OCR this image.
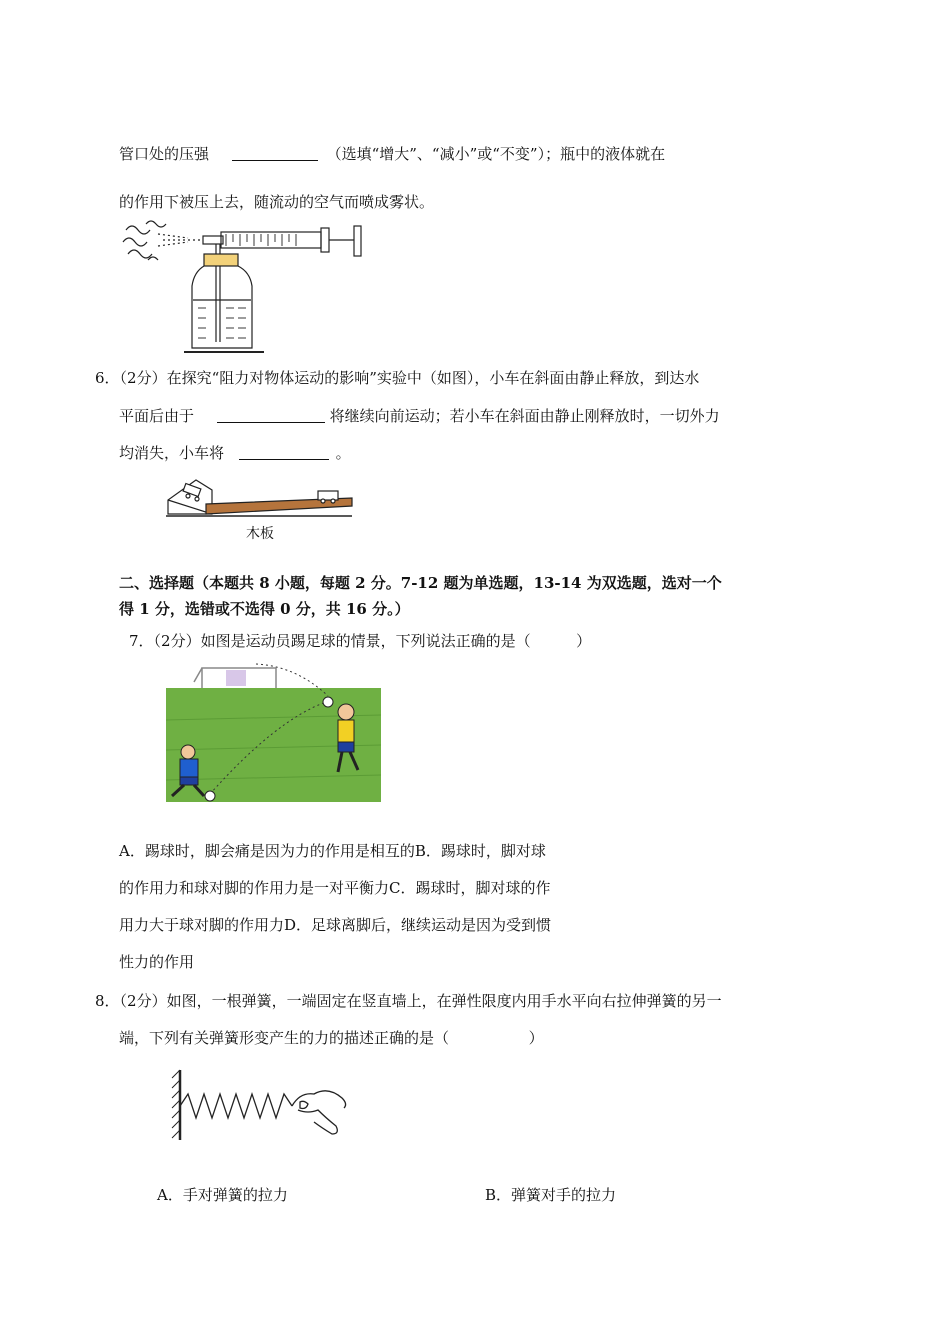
管口处的压强	（选填“增大”、“减小”或“不变”）；瓶中的液体就在
的作用下被压上去，随流动的空气而喷成雾状。
6．（2分）在探究“阻力对物体运动的影响”实验中（如图），小车在斜面由静止释放，到达水
平面后由于	将继续向前运动；若小车在斜面由静止刚释放时，一切外力
均消失，小车将	。
木板
二、选择题（本题共 8 小题，每题 2 分。7-12 题为单选题，13-14 为双选题，选对一个
得 1 分，选错或不选得 0 分，共 16 分。）
7．（2分）如图是运动员踢足球的情景，下列说法正确的是（	）
A．踢球时，脚会痛是因为力的作用是相互的B．踢球时，脚对球
的作用力和球对脚的作用力是一对平衡力C．踢球时，脚对球的作
用力大于球对脚的作用力D．足球离脚后，继续运动是因为受到惯
性力的作用
8．（2分）如图，一根弹簧，一端固定在竖直墙上，在弹性限度内用手水平向右拉伸弹簧的另一
端，下列有关弹簧形变产生的力的描述正确的是（	）
A．手对弹簧的拉力	B．弹簧对手的拉力
